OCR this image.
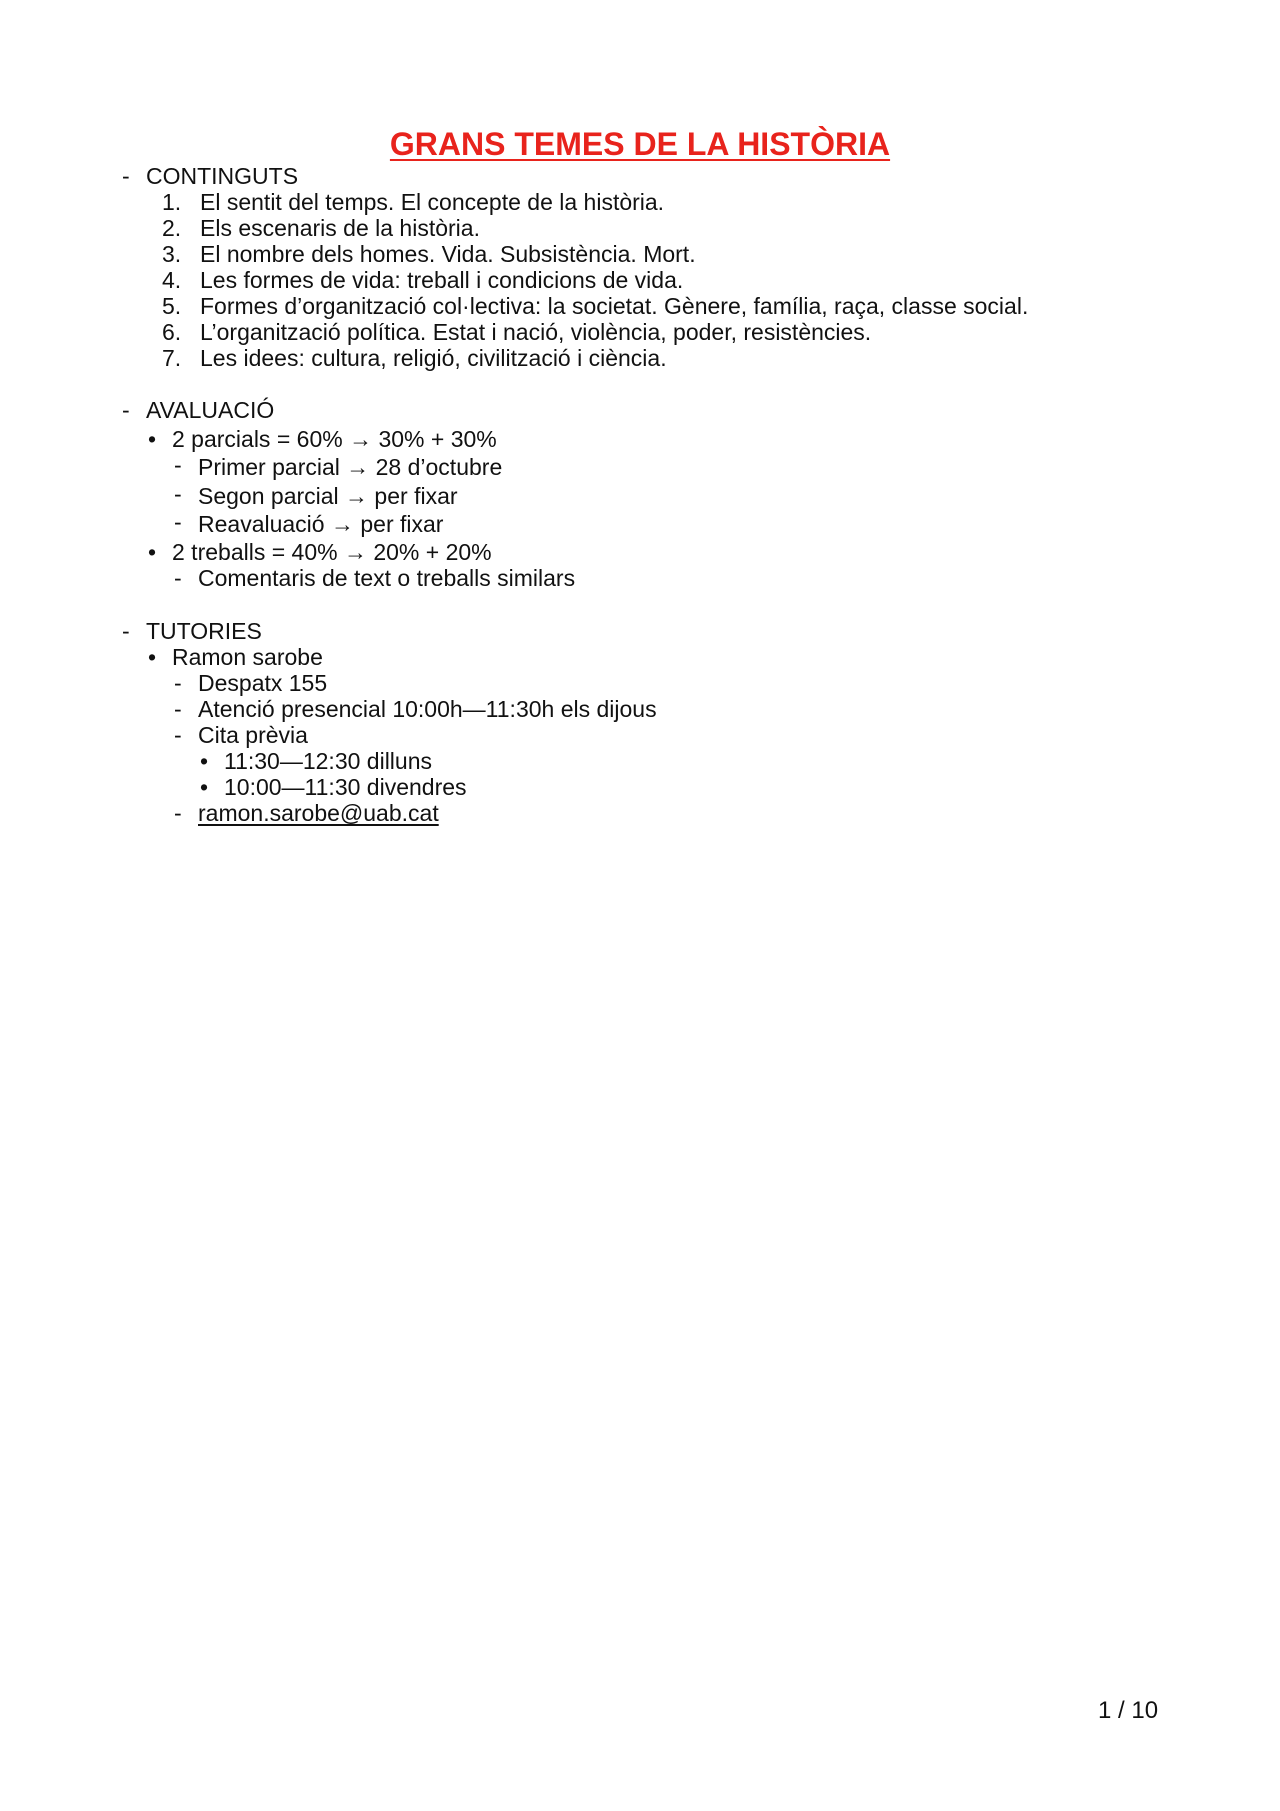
GRANS TEMES DE LA HISTÒRIA
- CONTINGUTS
1. El sentit del temps. El concepte de la història.
2. Els escenaris de la història.
3. El nombre dels homes. Vida. Subsistència. Mort.
4. Les formes de vida: treball i condicions de vida.
5. Formes d’organització col·lectiva: la societat. Gènere, família, raça, classe social.
6. L’organització política. Estat i nació, violència, poder, resistències.
7. Les idees: cultura, religió, civilització i ciència.
- AVALUACIÓ
• 2 parcials = 60% → 30% + 30%
- Primer parcial → 28 d’octubre
- Segon parcial → per fixar
- Reavaluació → per fixar
• 2 treballs = 40% → 20% + 20%
- Comentaris de text o treballs similars
- TUTORIES
• Ramon sarobe
- Despatx 155
- Atenció presencial 10:00h—11:30h els dijous
- Cita prèvia
• 11:30—12:30 dilluns
• 10:00—11:30 divendres
- ramon.sarobe@uab.cat
1 / 10
